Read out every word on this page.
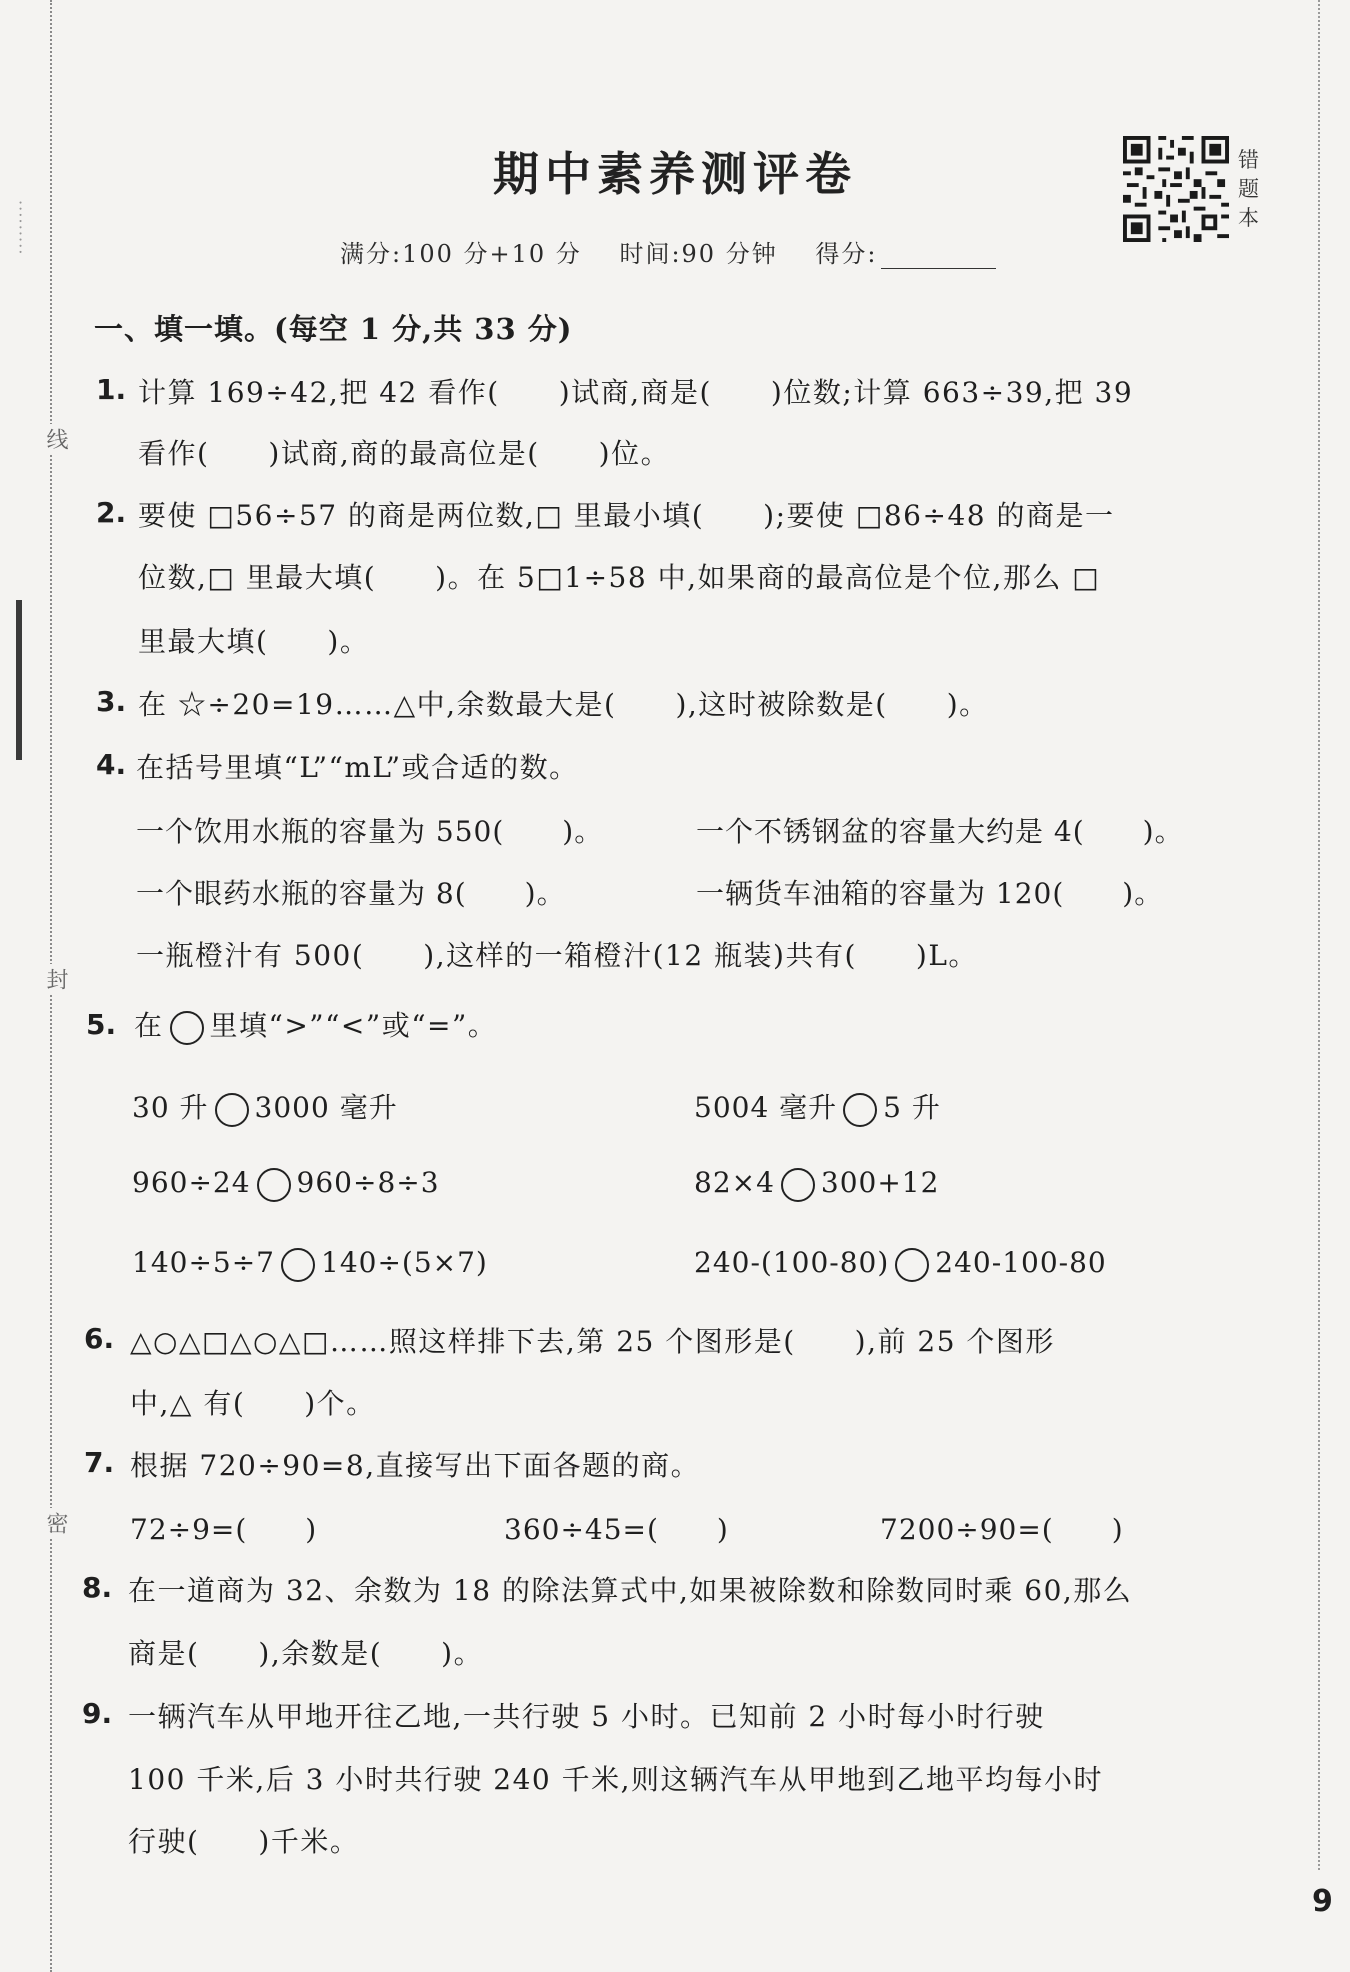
· · · · · · · · ·
线
封
密
期中素养测评卷
满分:100 分+10 分 时间:90 分钟 得分:
错
题
本
一、填一填。(每空 1 分,共 33 分)
1. 计算 169÷42,把 42 看作(　　)试商,商是(　　)位数;计算 663÷39,把 39
看作(　　)试商,商的最高位是(　　)位。
2. 要使 □56÷57 的商是两位数,□ 里最小填(　　);要使 □86÷48 的商是一
位数,□ 里最大填(　　)。在 5□1÷58 中,如果商的最高位是个位,那么 □
里最大填(　　)。
3. 在 ☆÷20=19……△中,余数最大是(　　),这时被除数是(　　)。
4. 在括号里填“L”“mL”或合适的数。
一个饮用水瓶的容量为 550(　　)。	一个不锈钢盆的容量大约是 4(　　)。
一个眼药水瓶的容量为 8(　　)。	一辆货车油箱的容量为 120(　　)。
一瓶橙汁有 500(　　),这样的一箱橙汁(12 瓶装)共有(　　)L。
5. 在 里填“>”“<”或“=”。
30 升 3000 毫升	5004 毫升 5 升
960÷24 960÷8÷3	82×4 300+12
140÷5÷7 140÷(5×7)	240-(100-80) 240-100-80
6. △○△□△○△□……照这样排下去,第 25 个图形是(　　),前 25 个图形
中,△ 有(　　)个。
7. 根据 720÷90=8,直接写出下面各题的商。
72÷9=(　　)	360÷45=(　　)	7200÷90=(　　)
8. 在一道商为 32、余数为 18 的除法算式中,如果被除数和除数同时乘 60,那么
商是(　　),余数是(　　)。
9. 一辆汽车从甲地开往乙地,一共行驶 5 小时。已知前 2 小时每小时行驶
100 千米,后 3 小时共行驶 240 千米,则这辆汽车从甲地到乙地平均每小时
行驶(　　)千米。
9
